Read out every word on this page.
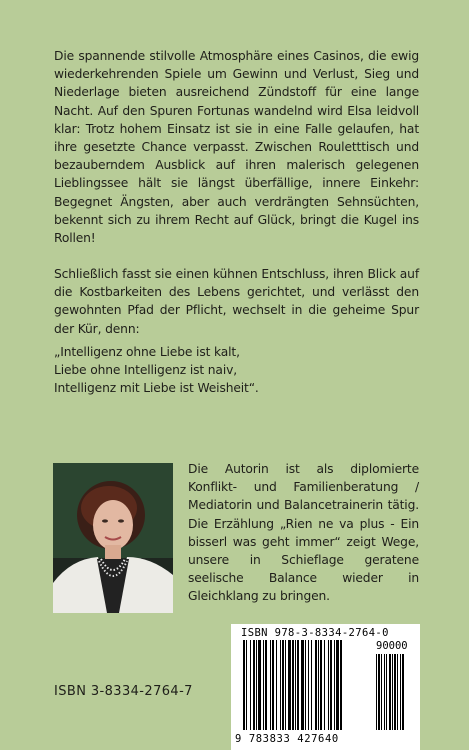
Die spannende stilvolle Atmosphäre eines Casinos, die ewig wiederkehrenden Spiele um Gewinn und Verlust, Sieg und Niederlage bieten ausreichend Zündstoff für eine lange Nacht. Auf den Spuren Fortunas wandelnd wird Elsa leidvoll klar: Trotz hohem Einsatz ist sie in eine Falle gelaufen, hat ihre gesetzte Chance verpasst. Zwischen Rouletttisch und bezauberndem Ausblick auf ihren malerisch gelegenen Lieblingssee hält sie längst überfällige, innere Einkehr: Begegnet Ängsten, aber auch verdrängten Sehnsüchten, bekennt sich zu ihrem Recht auf Glück, bringt die Kugel ins Rollen!

Schließlich fasst sie einen kühnen Entschluss, ihren Blick auf die Kostbarkeiten des Lebens gerichtet, und verlässt den gewohnten Pfad der Pflicht, wechselt in die geheime Spur der Kür, denn:

„Intelligenz ohne Liebe ist kalt,
Liebe ohne Intelligenz ist naiv,
Intelligenz mit Liebe ist Weisheit“.

Die Autorin ist als diplomierte Konflikt- und Familienberatung / Mediatorin und Balancetrainerin tätig. Die Erzählung „Rien ne va plus - Ein bisserl was geht immer“ zeigt Wege, unsere in Schieflage geratene seelische Balance wieder in Gleichklang zu bringen.

ISBN 3-8334-2764-7
ISBN 978-3-8334-2764-0
90000
9 783833 427640
